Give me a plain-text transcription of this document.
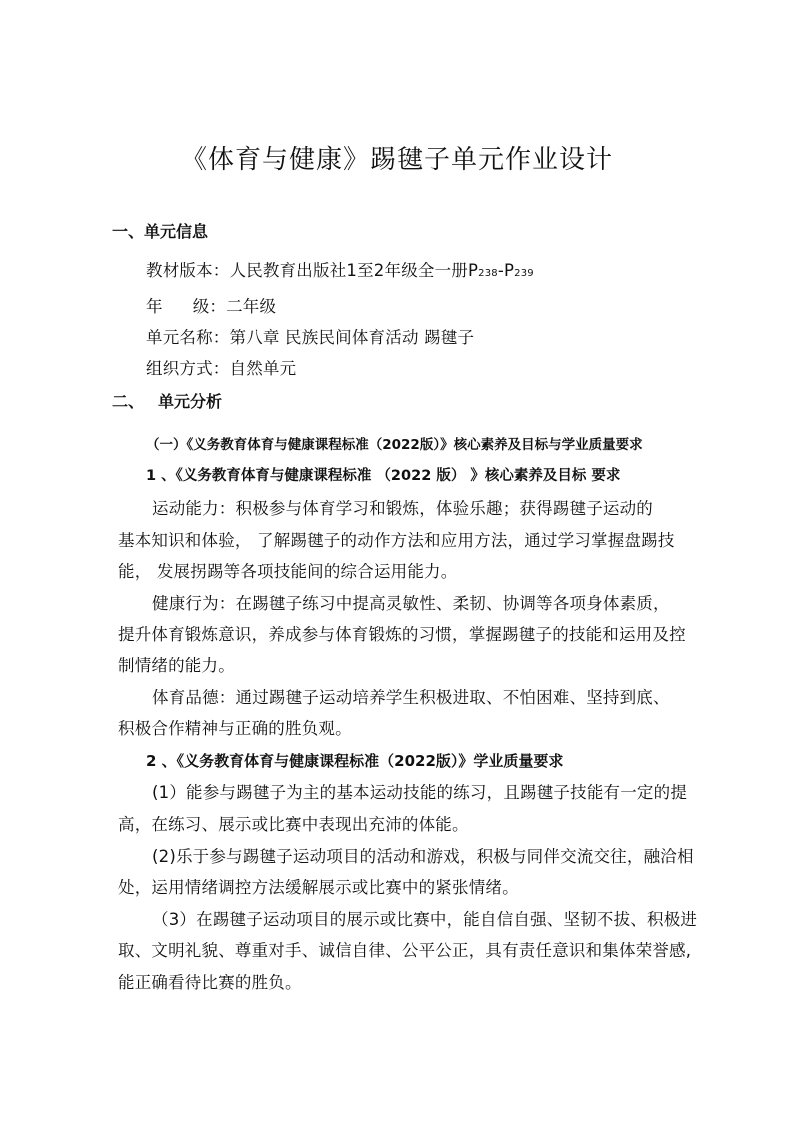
《体育与健康》踢毽子单元作业设计
一、单元信息
教材版本：人民教育出版社1至2年级全一册P238-P239
年 级：二年级
单元名称：第八章 民族民间体育活动 踢毽子
组织方式：自然单元
二、 单元分析
（一）《义务教育体育与健康课程标准（2022版）》核心素养及目标与学业质量要求
1 、《义务教育体育与健康课程标准 （2022 版） 》核心素养及目标 要求
运动能力：积极参与体育学习和锻炼，体验乐趣；获得踢毽子运动的
基本知识和体验， 了解踢毽子的动作方法和应用方法，通过学习掌握盘踢技
能， 发展拐踢等各项技能间的综合运用能力。
健康行为：在踢毽子练习中提高灵敏性、柔韧、协调等各项身体素质，
提升体育锻炼意识，养成参与体育锻炼的习惯，掌握踢毽子的技能和运用及控
制情绪的能力。
体育品德：通过踢毽子运动培养学生积极进取、不怕困难、坚持到底、
积极合作精神与正确的胜负观。
2 、《义务教育体育与健康课程标准（2022版）》学业质量要求
(1）能参与踢毽子为主的基本运动技能的练习，且踢毽子技能有一定的提
高，在练习、展示或比赛中表现出充沛的体能。
(2)乐于参与踢毽子运动项目的活动和游戏，积极与同伴交流交往，融洽相
处，运用情绪调控方法缓解展示或比赛中的紧张情绪。
（3）在踢毽子运动项目的展示或比赛中，能自信自强、坚韧不拔、积极进
取、文明礼貌、尊重对手、诚信自律、公平公正，具有责任意识和集体荣誉感,
能正确看待比赛的胜负。
